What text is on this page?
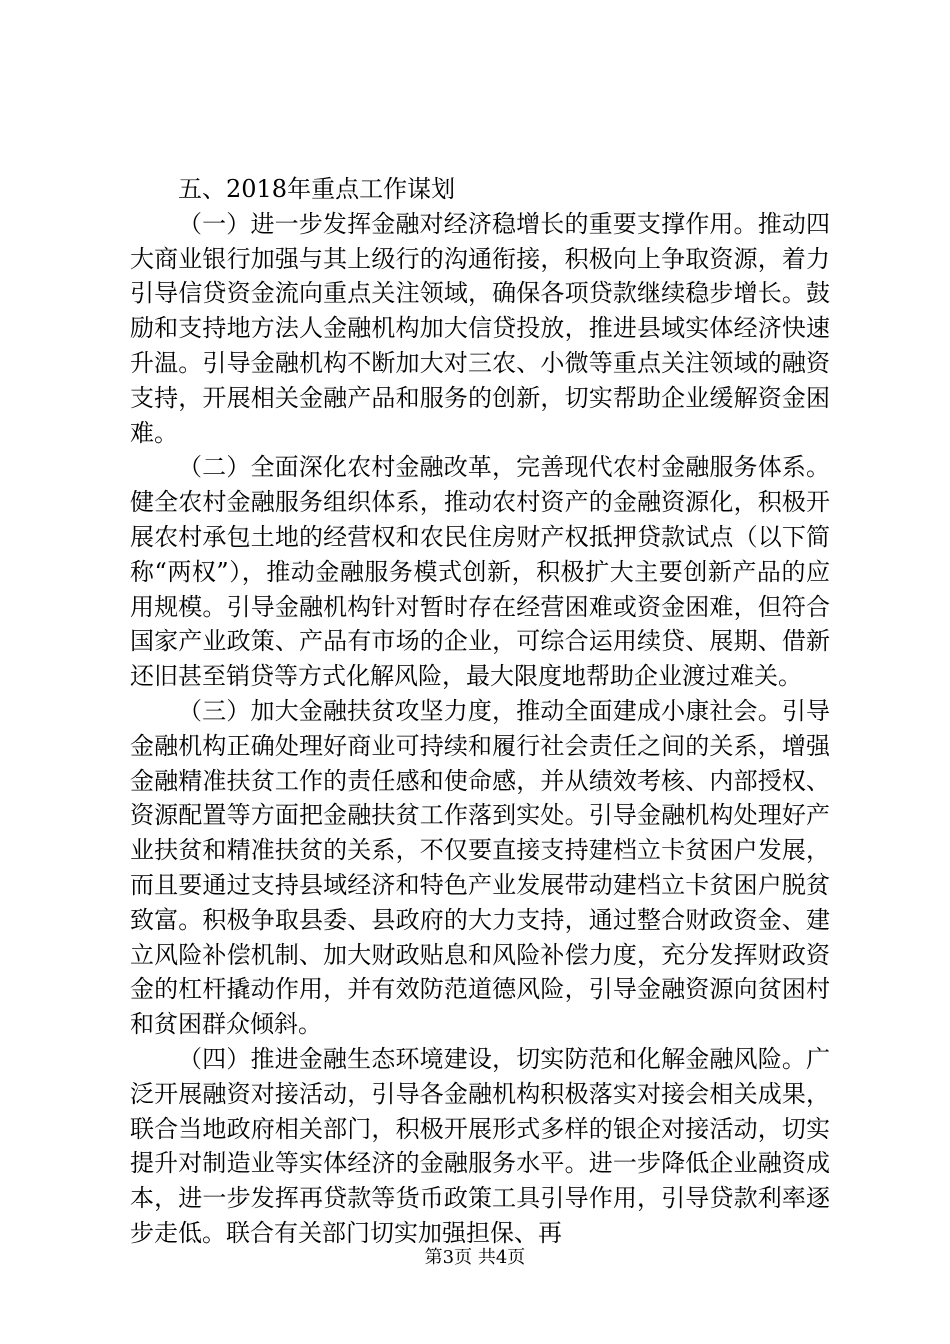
五、2018年重点工作谋划

（一）进一步发挥金融对经济稳增长的重要支撑作用。推动四大商业银行加强与其上级行的沟通衔接，积极向上争取资源，着力引导信贷资金流向重点关注领域，确保各项贷款继续稳步增长。鼓励和支持地方法人金融机构加大信贷投放，推进县域实体经济快速升温。引导金融机构不断加大对三农、小微等重点关注领域的融资支持，开展相关金融产品和服务的创新，切实帮助企业缓解资金困难。

（二）全面深化农村金融改革，完善现代农村金融服务体系。健全农村金融服务组织体系，推动农村资产的金融资源化，积极开展农村承包土地的经营权和农民住房财产权抵押贷款试点（以下简称“两权”），推动金融服务模式创新，积极扩大主要创新产品的应用规模。引导金融机构针对暂时存在经营困难或资金困难，但符合国家产业政策、产品有市场的企业，可综合运用续贷、展期、借新还旧甚至销贷等方式化解风险，最大限度地帮助企业渡过难关。

（三）加大金融扶贫攻坚力度，推动全面建成小康社会。引导金融机构正确处理好商业可持续和履行社会责任之间的关系，增强金融精准扶贫工作的责任感和使命感，并从绩效考核、内部授权、资源配置等方面把金融扶贫工作落到实处。引导金融机构处理好产业扶贫和精准扶贫的关系，不仅要直接支持建档立卡贫困户发展，而且要通过支持县域经济和特色产业发展带动建档立卡贫困户脱贫致富。积极争取县委、县政府的大力支持，通过整合财政资金、建立风险补偿机制、加大财政贴息和风险补偿力度，充分发挥财政资金的杠杆撬动作用，并有效防范道德风险，引导金融资源向贫困村和贫困群众倾斜。

（四）推进金融生态环境建设，切实防范和化解金融风险。广泛开展融资对接活动，引导各金融机构积极落实对接会相关成果，联合当地政府相关部门，积极开展形式多样的银企对接活动，切实提升对制造业等实体经济的金融服务水平。进一步降低企业融资成本，进一步发挥再贷款等货币政策工具引导作用，引导贷款利率逐步走低。联合有关部门切实加强担保、再

第3页 共4页
